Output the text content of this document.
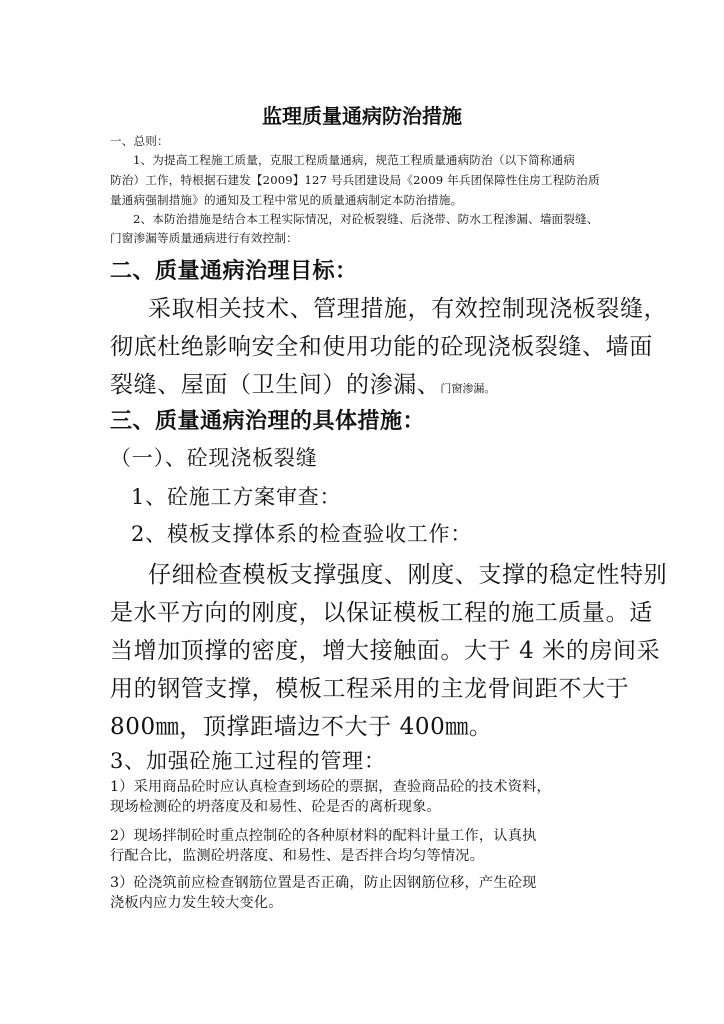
监理质量通病防治措施

一、总则：

1、为提高工程施工质量，克服工程质量通病，规范工程质量通病防治（以下简称通病

防治）工作，特根据石建发【2009】127 号兵团建设局《2009 年兵团保障性住房工程防治质

量通病强制措施》的通知及工程中常见的质量通病制定本防治措施。

2、本防治措施是结合本工程实际情况，对砼板裂缝、后浇带、防水工程渗漏、墙面裂缝、

门窗渗漏等质量通病进行有效控制：

二、质量通病治理目标：

采取相关技术、管理措施，有效控制现浇板裂缝，

彻底杜绝影响安全和使用功能的砼现浇板裂缝、墙面

裂缝、屋面（卫生间）的渗漏、门窗渗漏。

三、质量通病治理的具体措施：

（一）、砼现浇板裂缝

1、砼施工方案审查：

2、模板支撑体系的检查验收工作：

仔细检查模板支撑强度、刚度、支撑的稳定性特别

是水平方向的刚度，以保证模板工程的施工质量。适

当增加顶撑的密度，增大接触面。大于 4 米的房间采

用的钢管支撑，模板工程采用的主龙骨间距不大于

800㎜，顶撑距墙边不大于 400㎜。

3、加强砼施工过程的管理：

1）采用商品砼时应认真检查到场砼的票据，查验商品砼的技术资料，

现场检测砼的坍落度及和易性、砼是否的离析现象。

2）现场拌制砼时重点控制砼的各种原材料的配料计量工作，认真执

行配合比，监测砼坍落度、和易性、是否拌合均匀等情况。

3）砼浇筑前应检查钢筋位置是否正确，防止因钢筋位移，产生砼现

浇板内应力发生较大变化。
